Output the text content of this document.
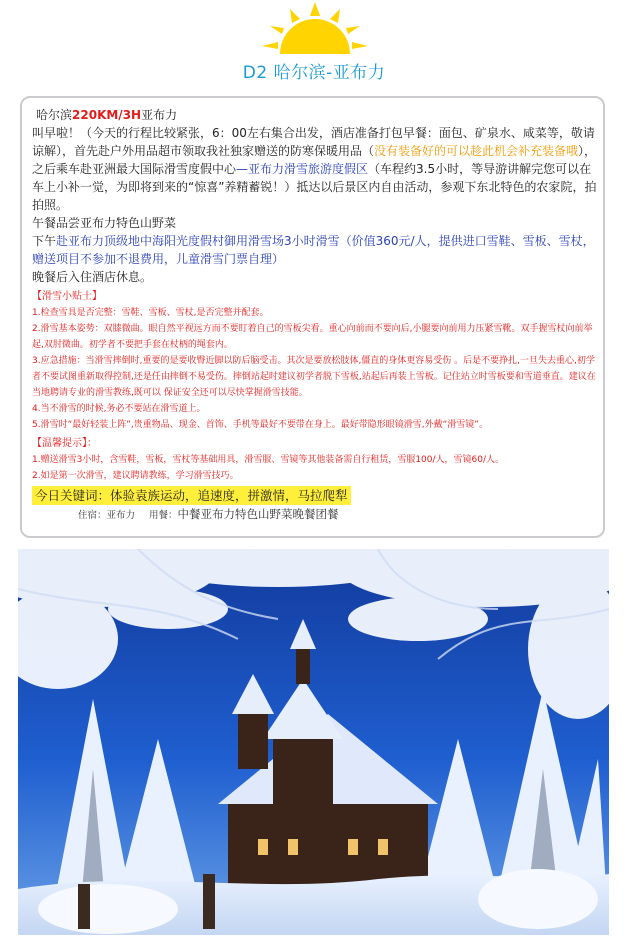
D2 哈尔滨-亚布力

哈尔滨220KM/3H亚布力

叫早啦！（今天的行程比较紧张，6：00左右集合出发，酒店准备打包早餐：面包、矿泉水、咸菜等，敬请谅解），首先赴户外用品超市领取我社独家赠送的防寒保暖用品（没有装备好的可以趁此机会补充装备哦），之后乘车赴亚洲最大国际滑雪度假中心—亚布力滑雪旅游度假区（车程约3.5小时，等导游讲解完您可以在车上小补一觉，为即将到来的“惊喜”养精蓄锐！）抵达以后景区内自由活动，参观下东北特色的农家院，拍拍照。

午餐品尝亚布力特色山野菜

下午赴亚布力顶级地中海阳光度假村御用滑雪场3小时滑雪（价值360元/人，提供进口雪鞋、雪板、雪杖，赠送项目不参加不退费用，儿童滑雪门票自理）

晚餐后入住酒店休息。

【滑雪小贴士】

1.检查雪具是否完整：雪鞋、雪板、雪杖,是否完整并配套。

2.滑雪基本姿势：双膝微曲。眼自然平视远方而不要盯着自己的雪板尖看。重心向前而不要向后,小腿要向前用力压紧雪靴。双手握雪杖向前举起,双肘微曲。初学者不要把手套在杖柄的绳套内。

3.应急措施：当滑雪摔倒时,重要的是要收臀近脚以防后脑受击。其次是要放松肢体,僵直的身体更容易受伤 。后是不要挣扎,一旦失去重心,初学者不要试图重新取得控制,还是任由摔倒不易受伤。摔倒站起时建议初学者脱下雪板,站起后再装上雪板。记住站立时雪板要和雪道垂直。建议在当地聘请专业的滑雪教练,既可以 保证安全还可以尽快掌握滑雪技能。

4.当不滑雪的时候,务必不要站在滑雪道上。

5.滑雪时“最好轻装上阵”,贵重物品、现金、首饰、手机等最好不要带在身上。最好带隐形眼镜滑雪,外戴“滑雪镜”。

【温馨提示】：

1.赠送滑雪3小时，含雪鞋，雪板，雪杖等基础用具，滑雪服、雪镜等其他装备需自行租赁，雪服100/人，雪镜60/人。

2.如是第一次滑雪，建议聘请教练，学习滑雪技巧。

今日关键词：体验袁族运动，追速度，拼激情，马拉爬犁
住宿：亚布力 用餐：中餐亚布力特色山野菜晚餐团餐
